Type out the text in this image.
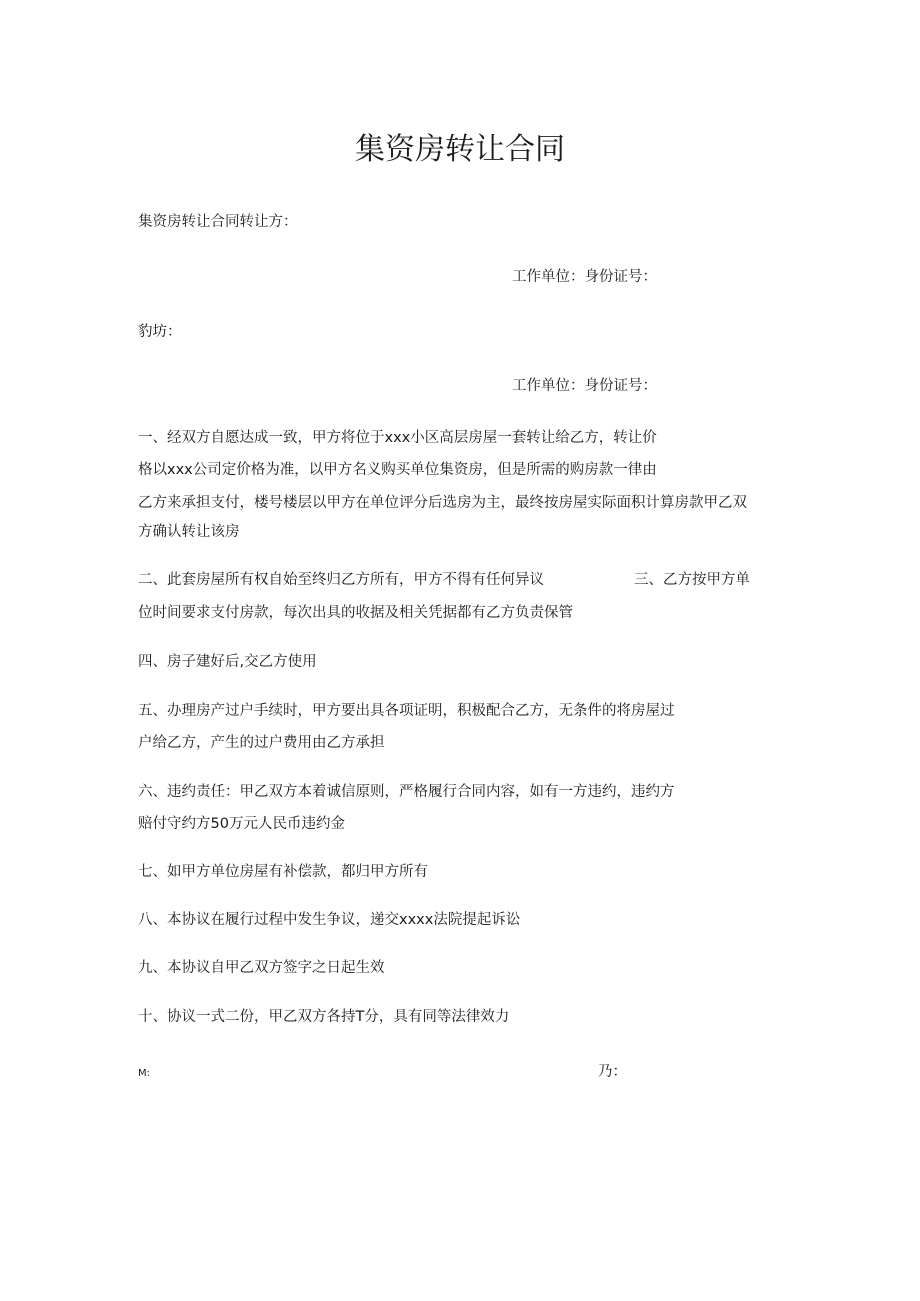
集资房转让合同
集资房转让合同转让方：
工作单位：身份证号：
豹坊：
工作单位：身份证号：
一、经双方自愿达成一致，甲方将位于xxx小区高层房屋一套转让给乙方，转让价
格以xxx公司定价格为准，以甲方名义购买单位集资房，但是所需的购房款一律由
乙方来承担支付，楼号楼层以甲方在单位评分后选房为主，最终按房屋实际面积计算房款甲乙双
方确认转让该房
二、此套房屋所有权自始至终归乙方所有，甲方不得有任何异议	三、乙方按甲方单
位时间要求支付房款，每次出具的收据及相关凭据都有乙方负责保管
四、房子建好后,交乙方使用
五、办理房产过户手续时，甲方要出具各项证明，积极配合乙方，无条件的将房屋过
户给乙方，产生的过户费用由乙方承担
六、违约责任：甲乙双方本着诚信原则，严格履行合同内容，如有一方违约，违约方
赔付守约方50万元人民币违约金
七、如甲方单位房屋有补偿款，都归甲方所有
八、本协议在履行过程中发生争议，递交xxxx法院提起诉讼
九、本协议自甲乙双方签字之日起生效
十、协议一式二份，甲乙双方各持T分，具有同等法律效力
M:	乃：
